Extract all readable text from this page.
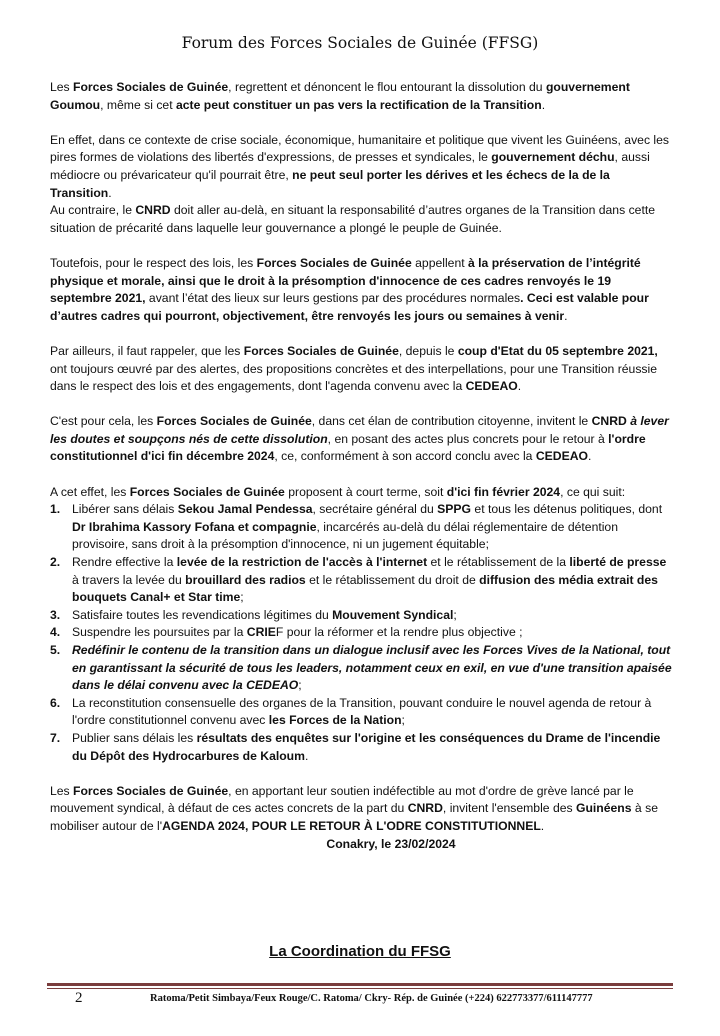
Forum des Forces Sociales de Guinée (FFSG)

Les Forces Sociales de Guinée, regrettent et dénoncent le flou entourant la dissolution du gouvernement Goumou, même si cet acte peut constituer un pas vers la rectification de la Transition.

En effet, dans ce contexte de crise sociale, économique, humanitaire et politique que vivent les Guinéens, avec les pires formes de violations des libertés d'expressions, de presses et syndicales, le gouvernement déchu, aussi médiocre ou prévaricateur qu'il pourrait être, ne peut seul porter les dérives et les échecs de la de la Transition.

Au contraire, le CNRD doit aller au-delà, en situant la responsabilité d’autres organes de la Transition dans cette situation de précarité dans laquelle leur gouvernance a plongé le peuple de Guinée.

Toutefois, pour le respect des lois, les Forces Sociales de Guinée appellent à la préservation de l’intégrité physique et morale, ainsi que le droit à la présomption d'innocence de ces cadres renvoyés le 19 septembre 2021, avant l’état des lieux sur leurs gestions par des procédures normales. Ceci est valable pour d’autres cadres qui pourront, objectivement, être renvoyés les jours ou semaines à venir.

Par ailleurs, il faut rappeler, que les Forces Sociales de Guinée, depuis le coup d'Etat du 05 septembre 2021, ont toujours œuvré par des alertes, des propositions concrètes et des interpellations, pour une Transition réussie dans le respect des lois et des engagements, dont l'agenda convenu avec la CEDEAO.

C'est pour cela, les Forces Sociales de Guinée, dans cet élan de contribution citoyenne, invitent le CNRD à lever les doutes et soupçons nés de cette dissolution, en posant des actes plus concrets pour le retour à l'ordre constitutionnel d'ici fin décembre 2024, ce, conformément à son accord conclu avec la CEDEAO.

A cet effet, les Forces Sociales de Guinée proposent à court terme, soit d'ici fin février 2024, ce qui suit:

1. Libérer sans délais Sekou Jamal Pendessa, secrétaire général du SPPG et tous les détenus politiques, dont Dr Ibrahima Kassory Fofana et compagnie, incarcérés au-delà du délai réglementaire de détention provisoire, sans droit à la présomption d'innocence, ni un jugement équitable;
2. Rendre effective la levée de la restriction de l'accès à l'internet et le rétablissement de la liberté de presse à travers la levée du brouillard des radios et le rétablissement du droit de diffusion des média extrait des bouquets Canal+ et Star time;
3. Satisfaire toutes les revendications légitimes du Mouvement Syndical;
4. Suspendre les poursuites par la CRIEF pour la réformer et la rendre plus objective ;
5. Redéfinir le contenu de la transition dans un dialogue inclusif avec les Forces Vives de la National, tout en garantissant la sécurité de tous les leaders, notamment ceux en exil, en vue d'une transition apaisée dans le délai convenu avec la CEDEAO;
6. La reconstitution consensuelle des organes de la Transition, pouvant conduire le nouvel agenda de retour à l'ordre constitutionnel convenu avec les Forces de la Nation;
7. Publier sans délais les résultats des enquêtes sur l'origine et les conséquences du Drame de l'incendie du Dépôt des Hydrocarbures de Kaloum.

Les Forces Sociales de Guinée, en apportant leur soutien indéfectible au mot d'ordre de grève lancé par le mouvement syndical, à défaut de ces actes concrets de la part du CNRD, invitent l'ensemble des Guinéens à se mobiliser autour de l'AGENDA 2024, POUR LE RETOUR À L'ODRE CONSTITUTIONNEL.

Conakry, le 23/02/2024

La Coordination du FFSG
2	Ratoma/Petit Simbaya/Feux Rouge/C. Ratoma/ Ckry- Rép. de Guinée (+224) 622773377/611147777
